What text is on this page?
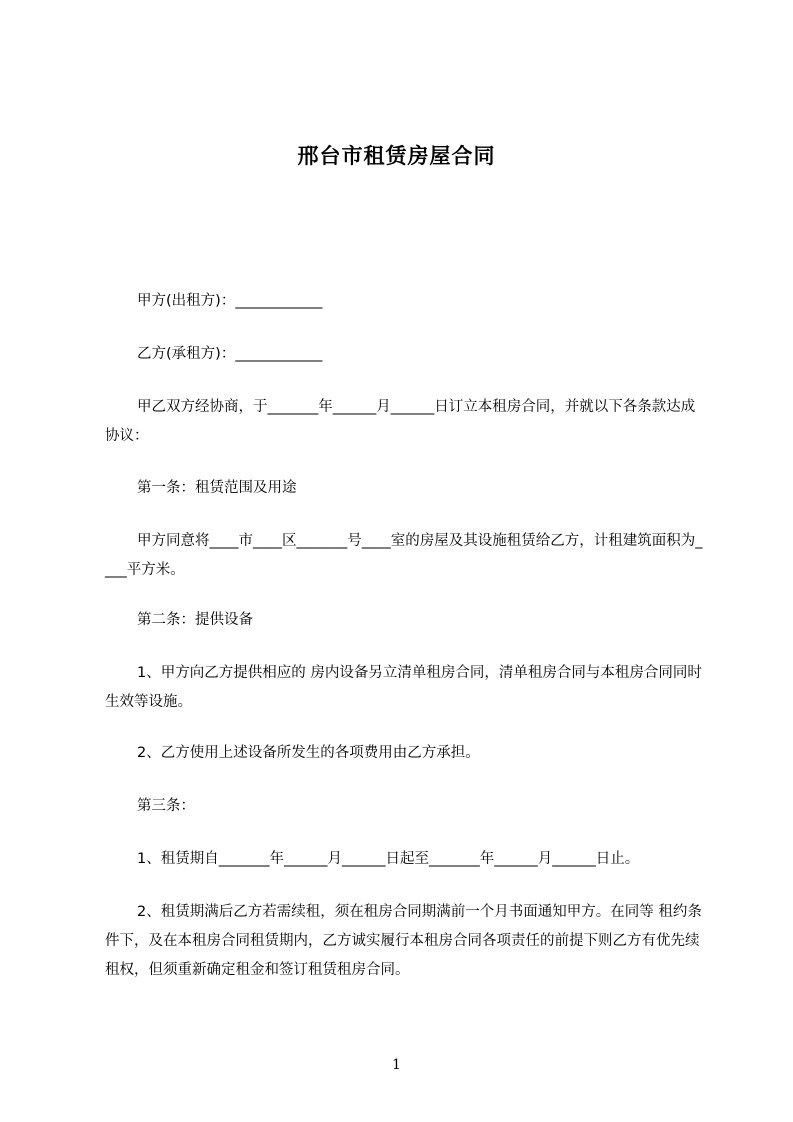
邢台市租赁房屋合同
甲方(出租方)：____________
乙方(承租方)：____________
甲乙双方经协商，于_______年______月______日订立本租房合同，并就以下各条款达成协议：
第一条：租赁范围及用途
甲方同意将____市____区_______号____室的房屋及其设施租赁给乙方，计租建筑面积为____平方米。
第二条：提供设备
1、甲方向乙方提供相应的 房内设备另立清单租房合同，清单租房合同与本租房合同同时生效等设施。
2、乙方使用上述设备所发生的各项费用由乙方承担。
第三条：
1、租赁期自_______年______月______日起至_______年______月______日止。
2、租赁期满后乙方若需续租，须在租房合同期满前一个月书面通知甲方。在同等 租约条件下，及在本租房合同租赁期内，乙方诚实履行本租房合同各项责任的前提下则乙方有优先续租权，但须重新确定租金和签订租赁租房合同。
1
